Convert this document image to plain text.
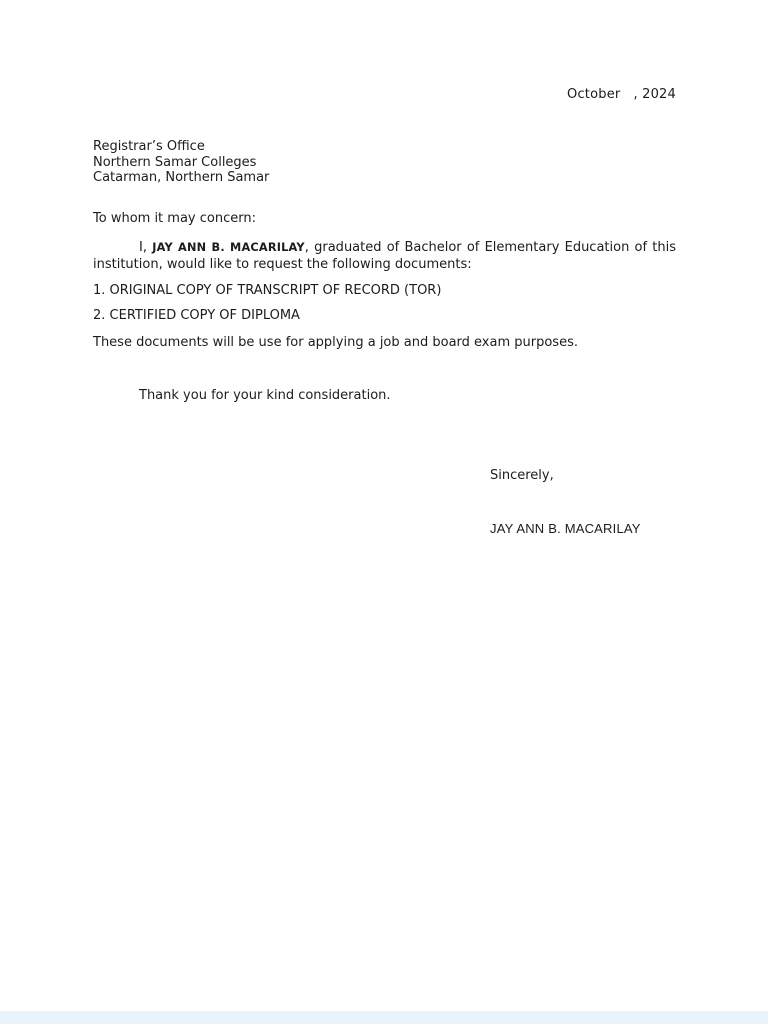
October   , 2024
Registrar’s Office
Northern Samar Colleges
Catarman, Northern Samar
To whom it may concern:

I, JAY ANN B. MACARILAY, graduated of Bachelor of Elementary Education of this institution, would like to request the following documents:

1. ORIGINAL COPY OF TRANSCRIPT OF RECORD (TOR)
2. CERTIFIED COPY OF DIPLOMA
These documents will be use for applying a job and board exam purposes.
Thank you for your kind consideration.
Sincerely,
JAY ANN B. MACARILAY
